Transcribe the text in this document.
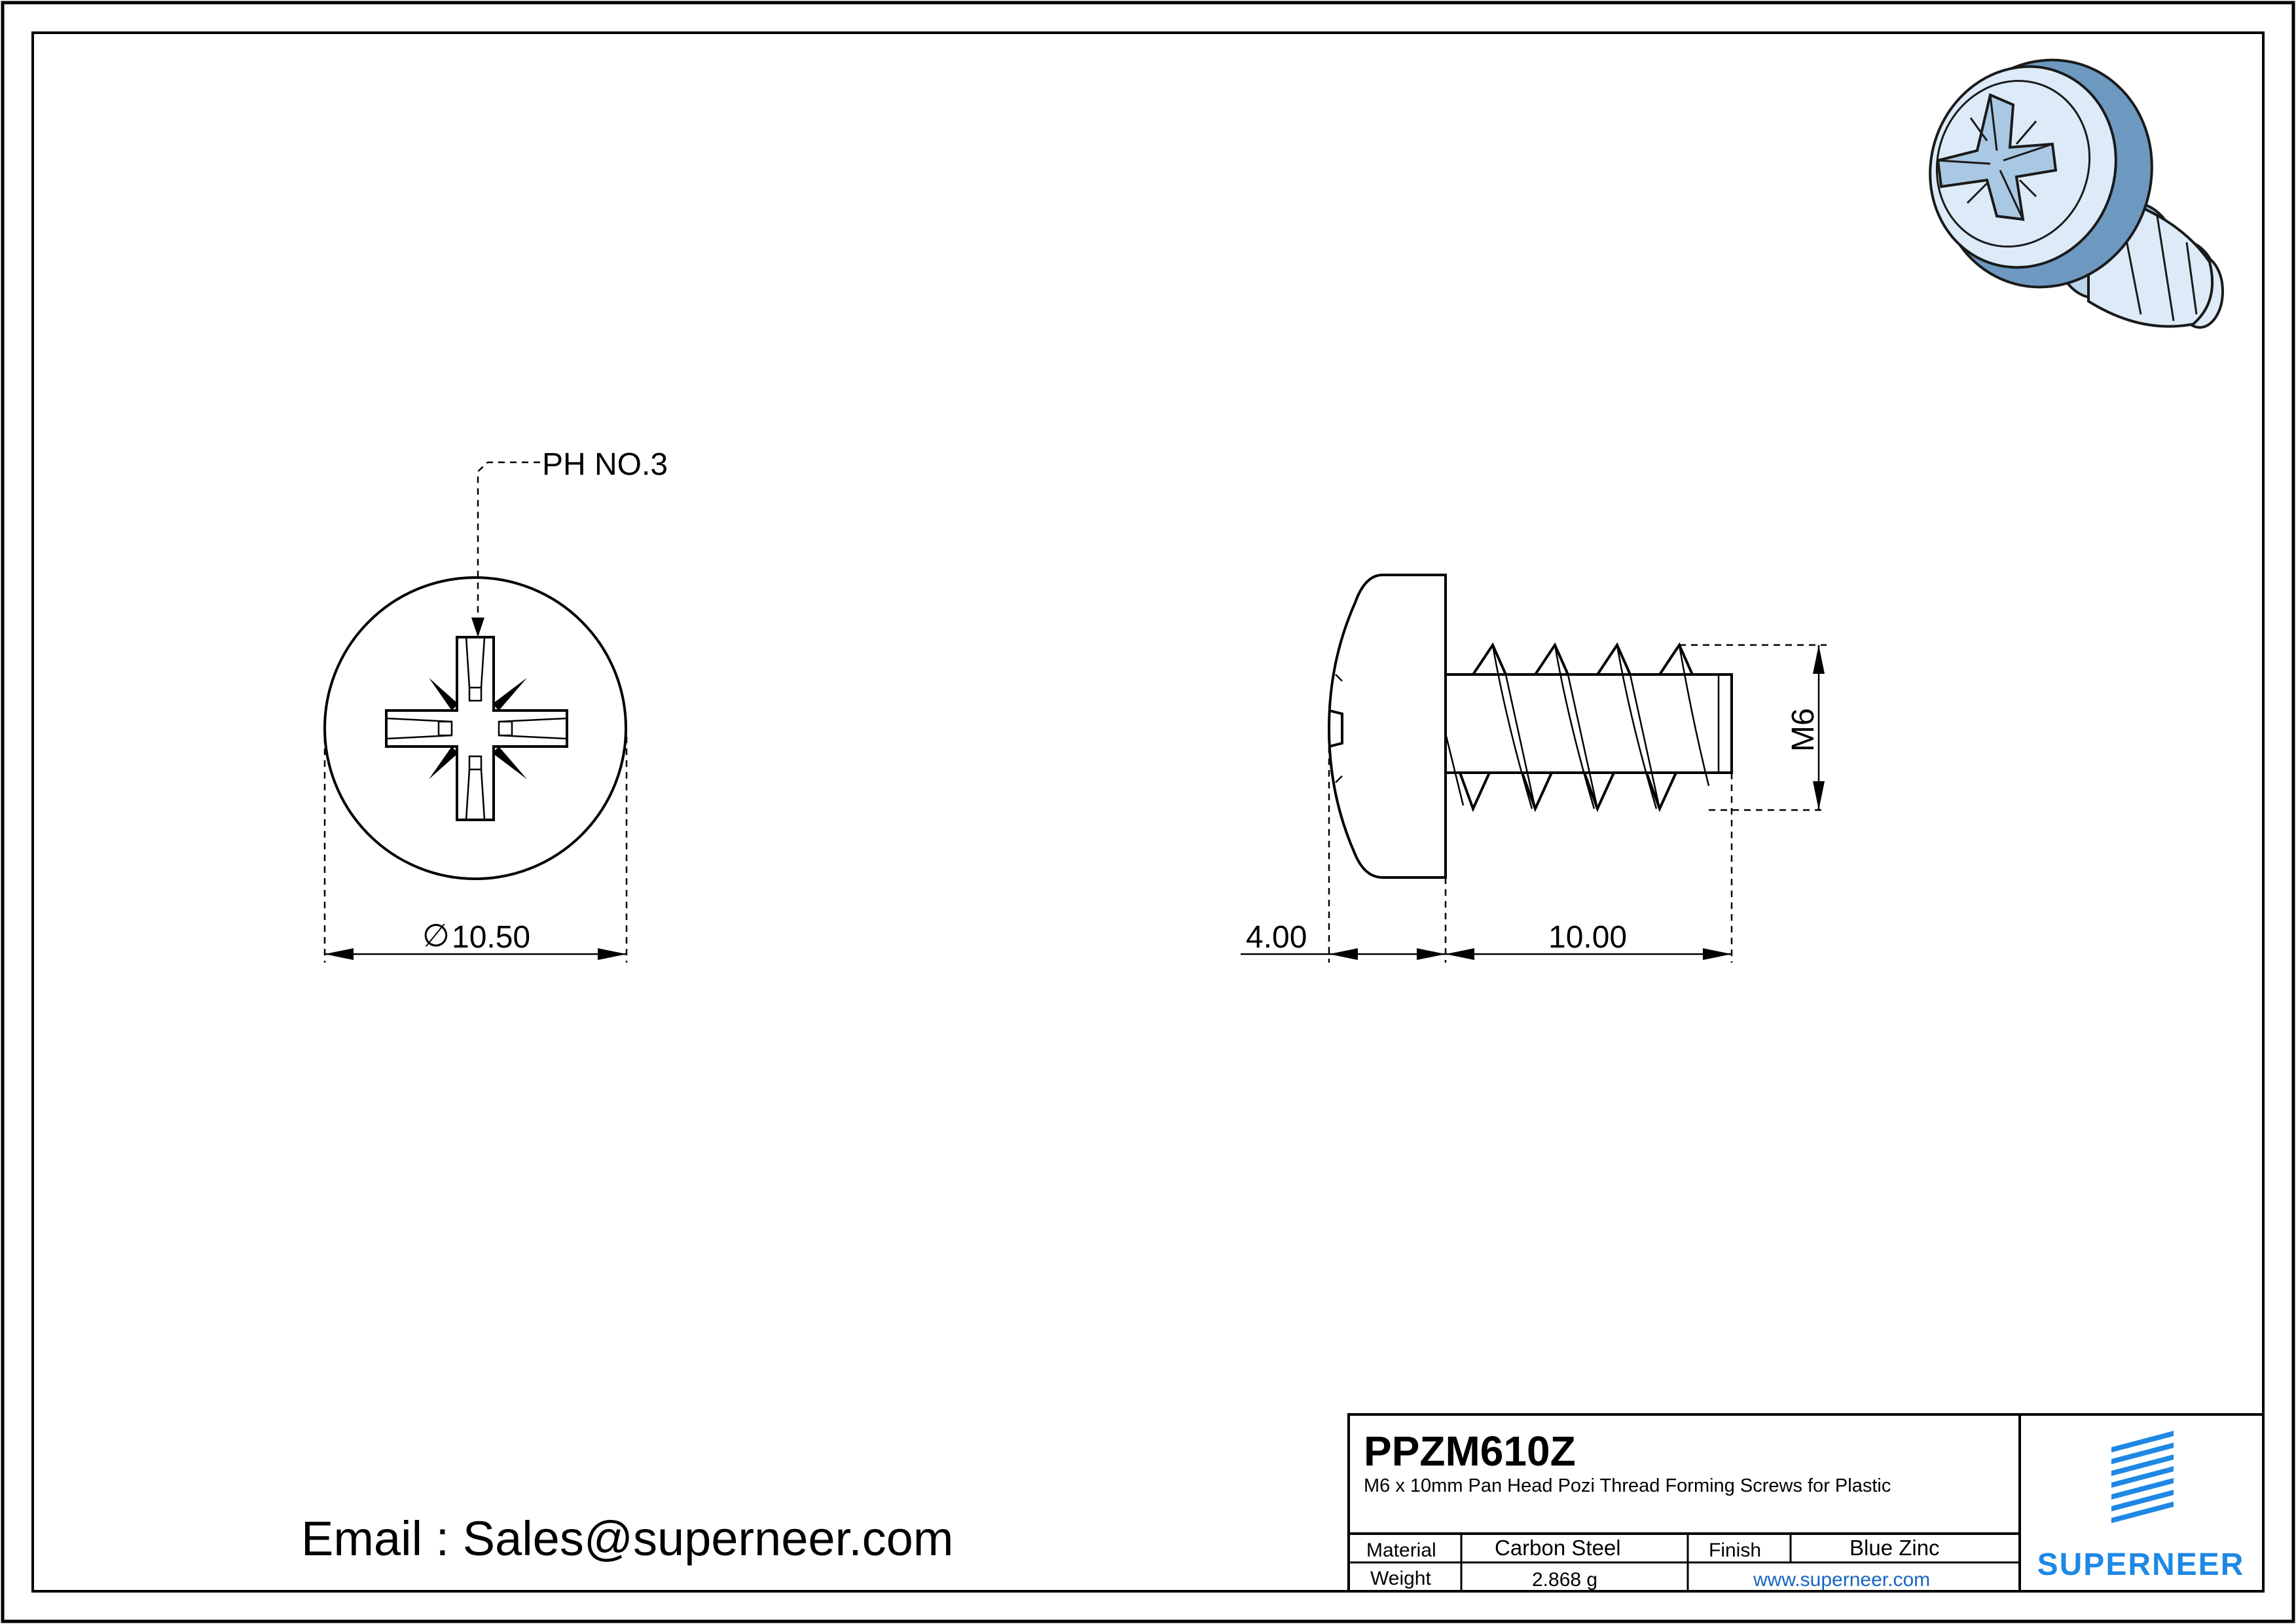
PH NO.3
∅ 10.50
M6
4.00	10.00
Email : Sales@superneer.com
PPZM610Z
M6 x 10mm Pan Head Pozi Thread Forming Screws for Plastic
Material	Carbon Steel	Finish	Blue Zinc
Weight	2.868 g	www.superneer.com	SUPERNEER
